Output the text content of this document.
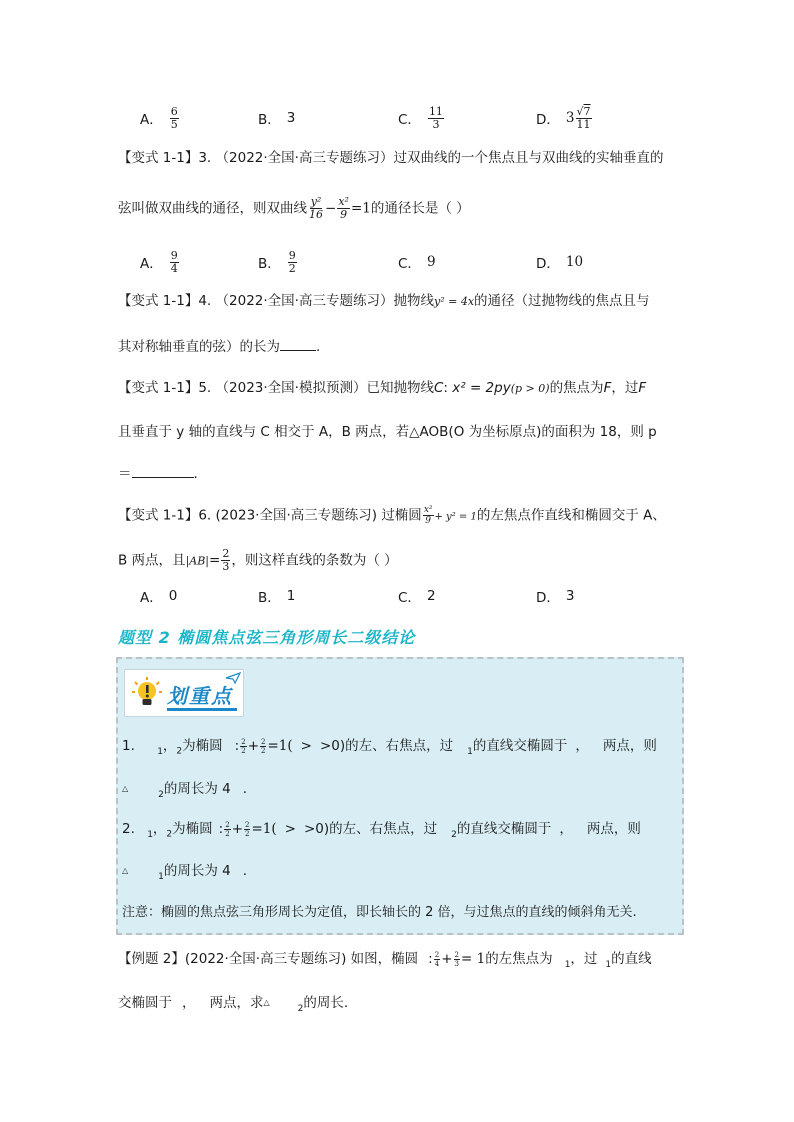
A． $\frac{6}{5}$	B． 3	C． $\frac{11}{3}$	D． $3 \frac{√7}{11}$
【变式 1-1】3. （2022·全国·高三专题练习）过双曲线的一个焦点且与双曲线的实轴垂直的
弦叫做双曲线的通径，则双曲线 $\frac{\text{y²}}{16} - \frac{\text{x²}}{9} =1$的通径长是（ ）
A． $\frac{9}{4}$	B． $\frac{9}{2}$	C． 9	D． 10
【变式 1-1】4. （2022·全国·高三专题练习）抛物线y² = 4x的通径（过抛物线的焦点且与
其对称轴垂直的弦）的长为	.
【变式 1-1】5. （2023·全国·模拟预测）已知抛物线C: x² = 2py(p > 0)的焦点为F，过F
且垂直于 y 轴的直线与 C 相交于 A，B 两点，若△AOB(O 为坐标原点)的面积为 18，则 p
＝	.
【变式 1-1】6. (2023·全国·高三专题练习) 过椭圆 $\frac{\text{x²}}{9} + y^2 = 1$的左焦点作直线和椭圆交于 A、
B 两点，且$|AB|= \frac{2}{3}$ ，则这样直线的条数为（ ）
A． 0	B． 1	C． 2	D． 3
题型 2 椭圆焦点弦三角形周长二级结论
划重点
1. $_1$，$_2$为椭圆 : $\frac{2}{2} + \frac{2}{2} =1( > >0)$的左、右焦点，过 $_1$的直线交椭圆于 ， 两点，则
$\triangle_2$的周长为 4 .
2. $_1$，$_2$为椭圆 : $\frac{2}{2} + \frac{2}{2} =1( > >0)$的左、右焦点，过 $_2$的直线交椭圆于 ， 两点，则
$\triangle_1$的周长为 4 .
注意：椭圆的焦点弦三角形周长为定值，即长轴长的 2 倍，与过焦点的直线的倾斜角无关.
【例题 2】(2022·全国·高三专题练习) 如图，椭圆 : $\frac{2}{4} + \frac{2}{3} = 1$的左焦点为 $_1$，过 $_1$的直线
交椭圆于 ， 两点，求$\triangle_2$的周长.
